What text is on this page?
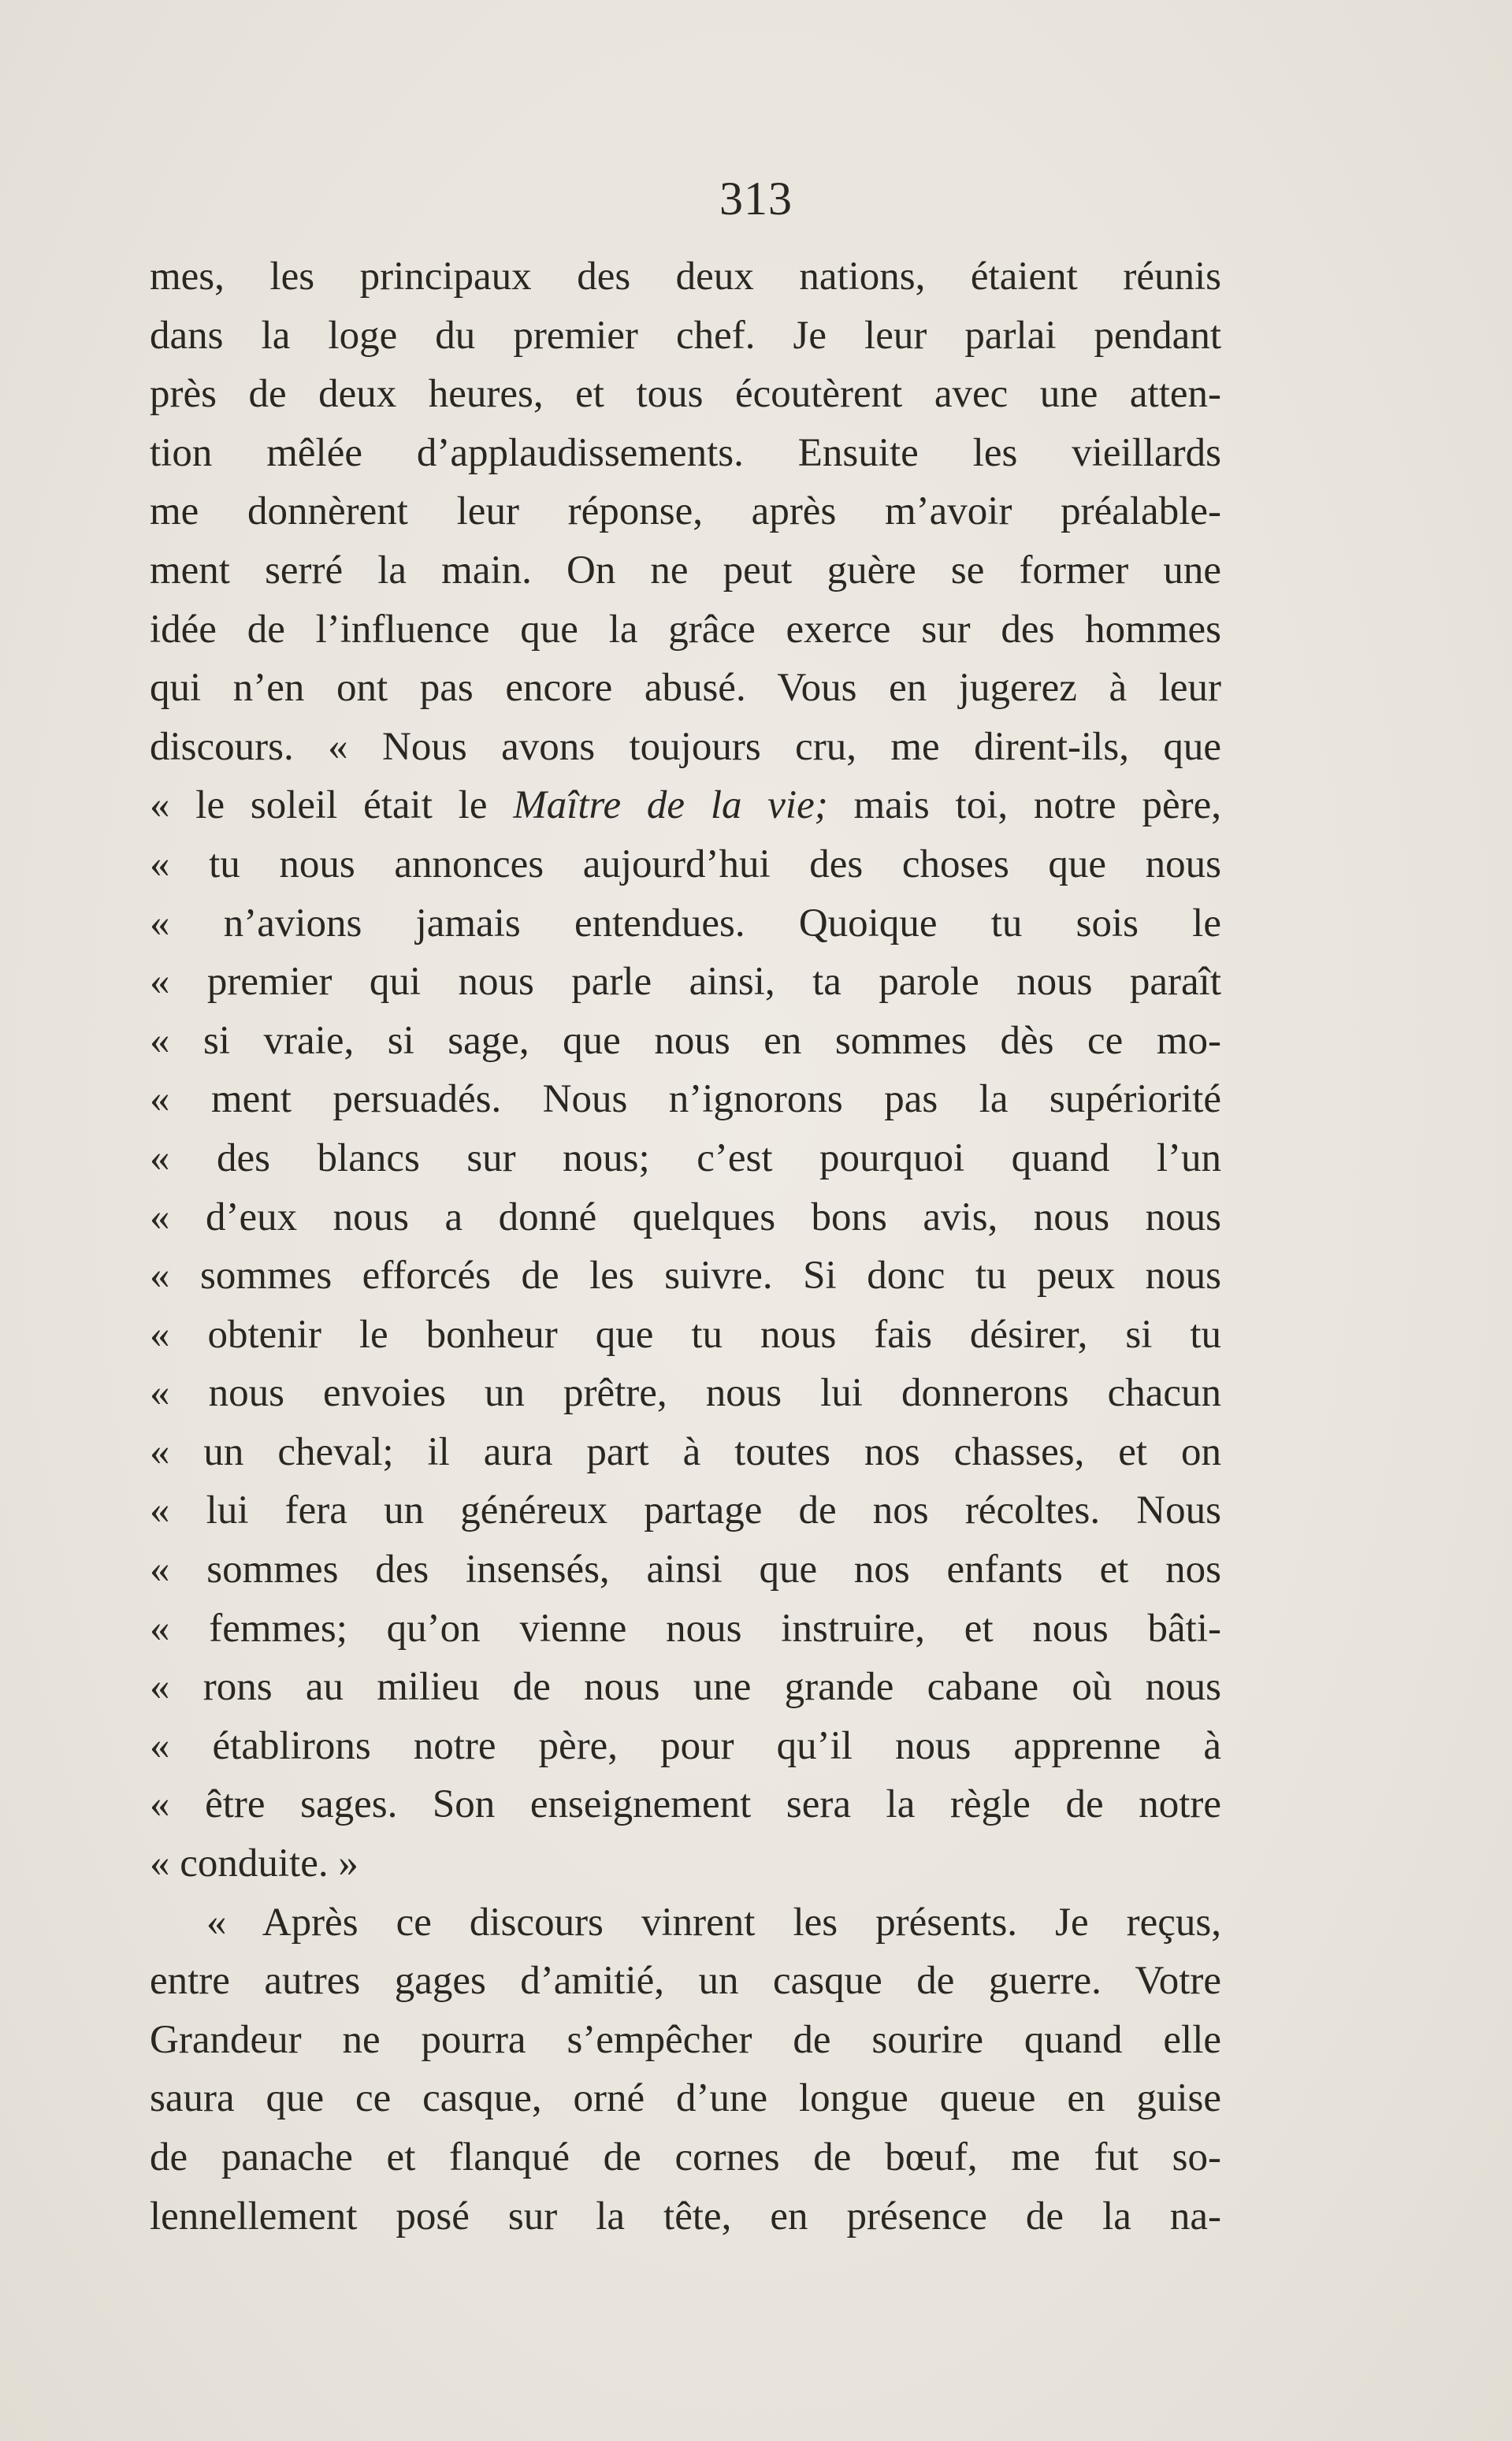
313
mes, les principaux des deux nations, étaient réunis
dans la loge du premier chef. Je leur parlai pendant
près de deux heures, et tous écoutèrent avec une atten-
tion mêlée d’applaudissements. Ensuite les vieillards
me donnèrent leur réponse, après m’avoir préalable-
ment serré la main. On ne peut guère se former une
idée de l’influence que la grâce exerce sur des hommes
qui n’en ont pas encore abusé. Vous en jugerez à leur
discours. « Nous avons toujours cru, me dirent-ils, que
« le soleil était le Maître de la vie; mais toi, notre père,
« tu nous annonces aujourd’hui des choses que nous
« n’avions jamais entendues. Quoique tu sois le
« premier qui nous parle ainsi, ta parole nous paraît
« si vraie, si sage, que nous en sommes dès ce mo-
« ment persuadés. Nous n’ignorons pas la supériorité
« des blancs sur nous; c’est pourquoi quand l’un
« d’eux nous a donné quelques bons avis, nous nous
« sommes efforcés de les suivre. Si donc tu peux nous
« obtenir le bonheur que tu nous fais désirer, si tu
« nous envoies un prêtre, nous lui donnerons chacun
« un cheval; il aura part à toutes nos chasses, et on
« lui fera un généreux partage de nos récoltes. Nous
« sommes des insensés, ainsi que nos enfants et nos
« femmes; qu’on vienne nous instruire, et nous bâti-
« rons au milieu de nous une grande cabane où nous
« établirons notre père, pour qu’il nous apprenne à
« être sages. Son enseignement sera la règle de notre
« conduite. »
« Après ce discours vinrent les présents. Je reçus,
entre autres gages d’amitié, un casque de guerre. Votre
Grandeur ne pourra s’empêcher de sourire quand elle
saura que ce casque, orné d’une longue queue en guise
de panache et flanqué de cornes de bœuf, me fut so-
lennellement posé sur la tête, en présence de la na-
